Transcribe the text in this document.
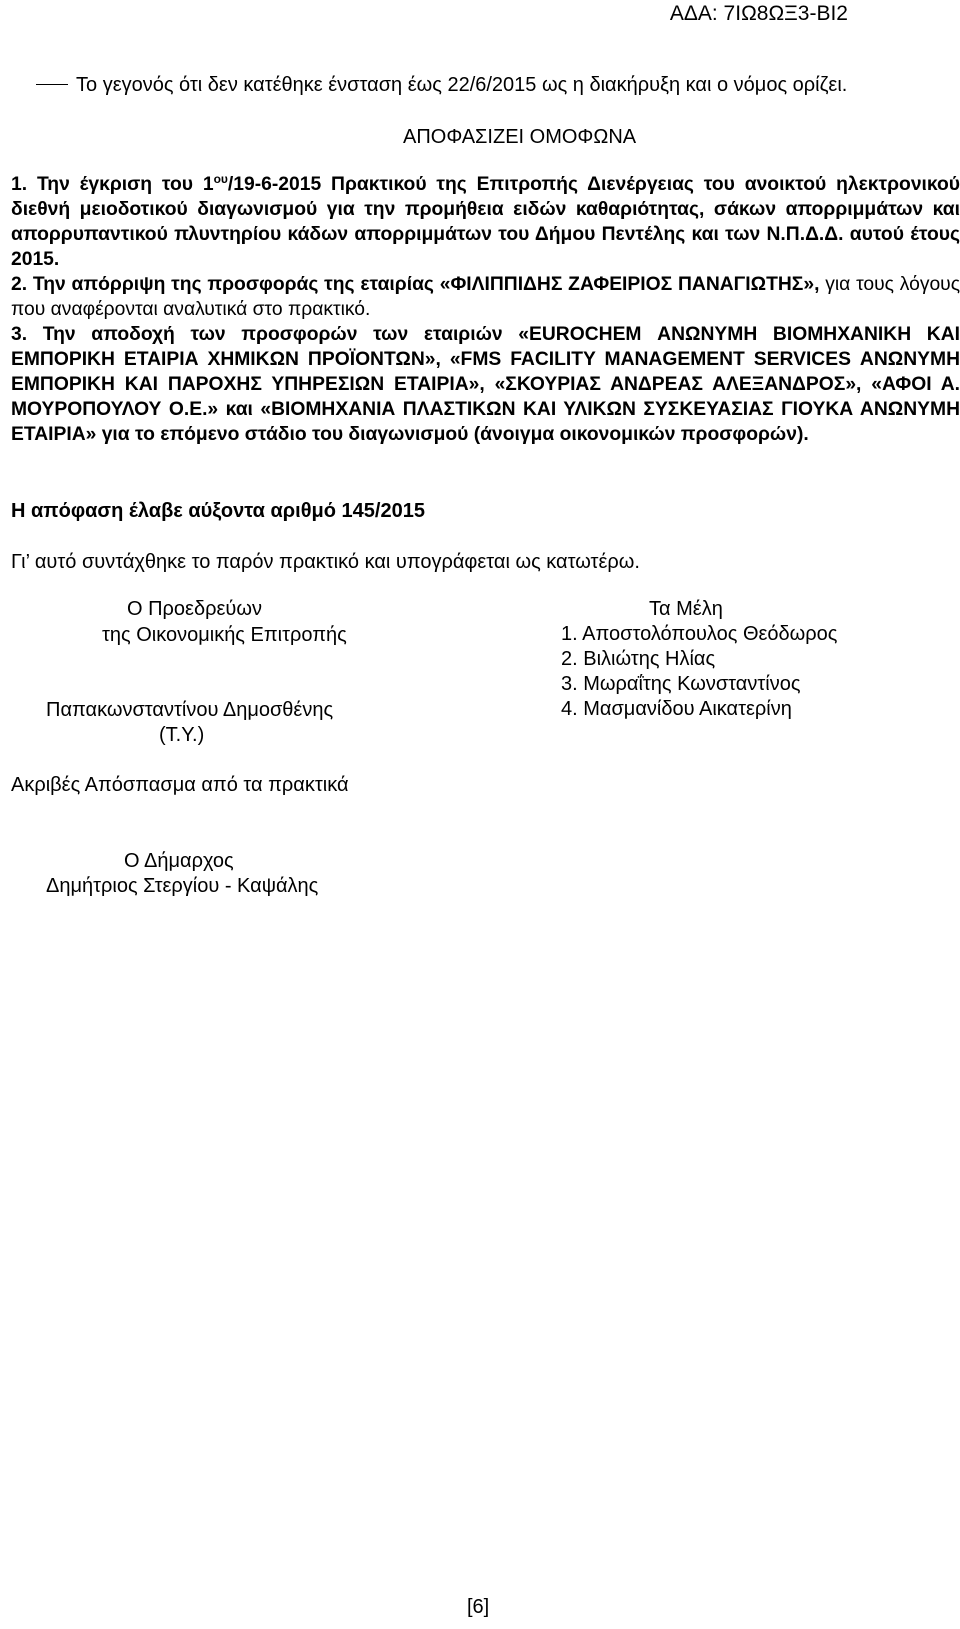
ΑΔΑ: 7ΙΩ8ΩΞ3-ΒΙ2
Το γεγονός ότι δεν κατέθηκε ένσταση έως 22/6/2015 ως η διακήρυξη και ο νόμος ορίζει.
ΑΠΟΦΑΣΙΖΕΙ ΟΜΟΦΩΝΑ

1. Την έγκριση του $1^{o\upsilon}/19-6-2015$ Πρακτικού της Επιτροπής Διενέργειας του ανοικτού ηλεκτρονικού διεθνή μειοδοτικού διαγωνισμού για την προμήθεια ειδών καθαριότητας, σάκων απορριμμάτων και απορρυπαντικού πλυντηρίου κάδων απορριμμάτων του Δήμου Πεντέλης και των Ν.Π.Δ.Δ. αυτού έτους 2015.

2. Την απόρριψη της προσφοράς της εταιρίας «ΦΙΛΙΠΠΙΔΗΣ ΖΑΦΕΙΡΙΟΣ ΠΑΝΑΓΙΩΤΗΣ», για τους λόγους που αναφέρονται αναλυτικά στο πρακτικό.

3. Την αποδοχή των προσφορών των εταιριών «EUROCHEM ΑΝΩΝΥΜΗ ΒΙΟΜΗΧΑΝΙΚΗ ΚΑΙ ΕΜΠΟΡΙΚΗ ΕΤΑΙΡΙΑ ΧΗΜΙΚΩΝ ΠΡΟΪΟΝΤΩΝ», «FMS FACILITY MANAGEMENT SERVICES ΑΝΩΝΥΜΗ ΕΜΠΟΡΙΚΗ ΚΑΙ ΠΑΡΟΧΗΣ ΥΠΗΡΕΣΙΩΝ ΕΤΑΙΡΙΑ», «ΣΚΟΥΡΙΑΣ ΑΝΔΡΕΑΣ ΑΛΕΞΑΝΔΡΟΣ», «ΑΦΟΙ Α. ΜΟΥΡΟΠΟΥΛΟΥ Ο.Ε.» και «ΒΙΟΜΗΧΑΝΙΑ ΠΛΑΣΤΙΚΩΝ ΚΑΙ ΥΛΙΚΩΝ ΣΥΣΚΕΥΑΣΙΑΣ ΓΙΟΥΚΑ ΑΝΩΝΥΜΗ ΕΤΑΙΡΙΑ» για το επόμενο στάδιο του διαγωνισμού (άνοιγμα οικονομικών προσφορών).

Η απόφαση έλαβε αύξοντα αριθμό 145/2015
Γι’ αυτό συντάχθηκε το παρόν πρακτικό και υπογράφεται ως κατωτέρω.
Ο Προεδρεύων
της Οικονομικής Επιτροπής
Παπακωνσταντίνου Δημοσθένης
(Τ.Υ.)
Τα Μέλη
1. Αποστολόπουλος Θεόδωρος
2. Βιλιώτης Ηλίας
3. Μωραΐτης Κωνσταντίνος
4. Μασμανίδου Αικατερίνη
Ακριβές Απόσπασμα από τα πρακτικά
Ο Δήμαρχος
Δημήτριος Στεργίου - Καψάλης
[6]
